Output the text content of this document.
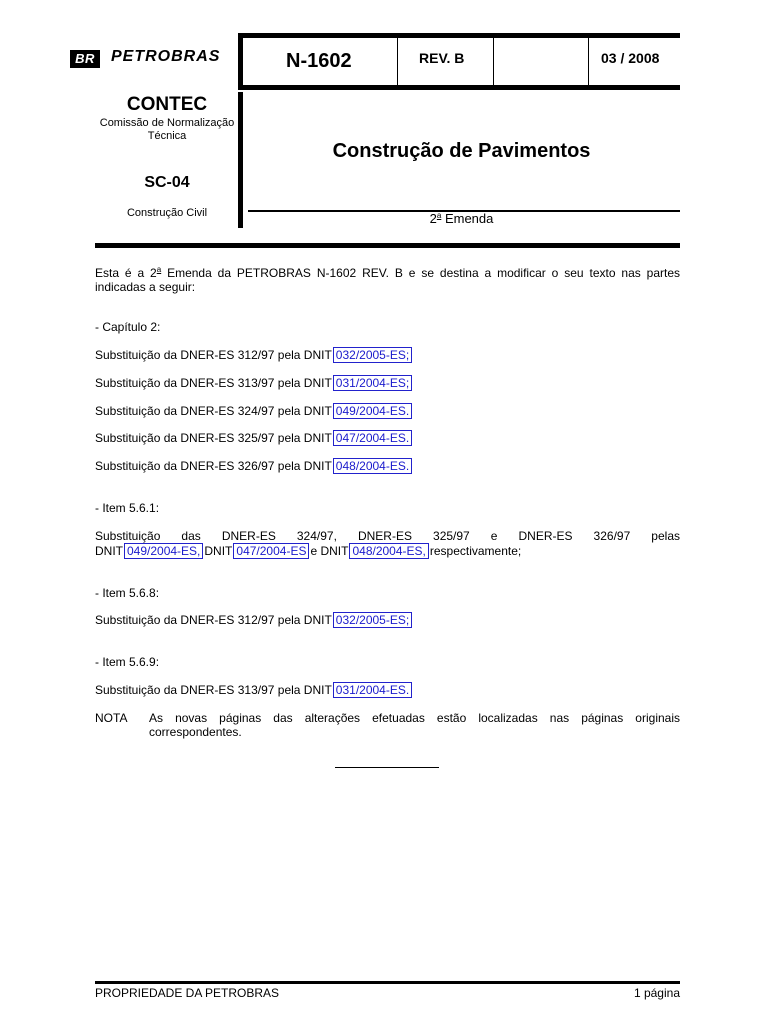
BR	PETROBRAS	N-1602	REV. B	03 / 2008
CONTEC
Comissão de Normalização Técnica
SC-04
Construção Civil
Construção de Pavimentos
2$^a$ Emenda
Esta é a 2$^a$ Emenda da PETROBRAS N-1602 REV. B e se destina a modificar o seu texto nas partes indicadas a seguir:
- Capítulo 2:
Substituição da DNER-ES 312/97 pela DNIT 032/2005-ES;
Substituição da DNER-ES 313/97 pela DNIT 031/2004-ES;
Substituição da DNER-ES 324/97 pela DNIT 049/2004-ES.
Substituição da DNER-ES 325/97 pela DNIT 047/2004-ES.
Substituição da DNER-ES 326/97 pela DNIT 048/2004-ES.
- Item 5.6.1:
Substituição das DNER-ES 324/97, DNER-ES 325/97 e DNER-ES 326/97 pelas
DNIT 049/2004-ES, DNIT 047/2004-ES e DNIT 048/2004-ES, respectivamente;
- Item 5.6.8:
Substituição da DNER-ES 312/97 pela DNIT 032/2005-ES;
- Item 5.6.9:
Substituição da DNER-ES 313/97 pela DNIT 031/2004-ES.
NOTA As novas páginas das alterações efetuadas estão localizadas nas páginas originais correspondentes.
PROPRIEDADE DA PETROBRAS	1 página
